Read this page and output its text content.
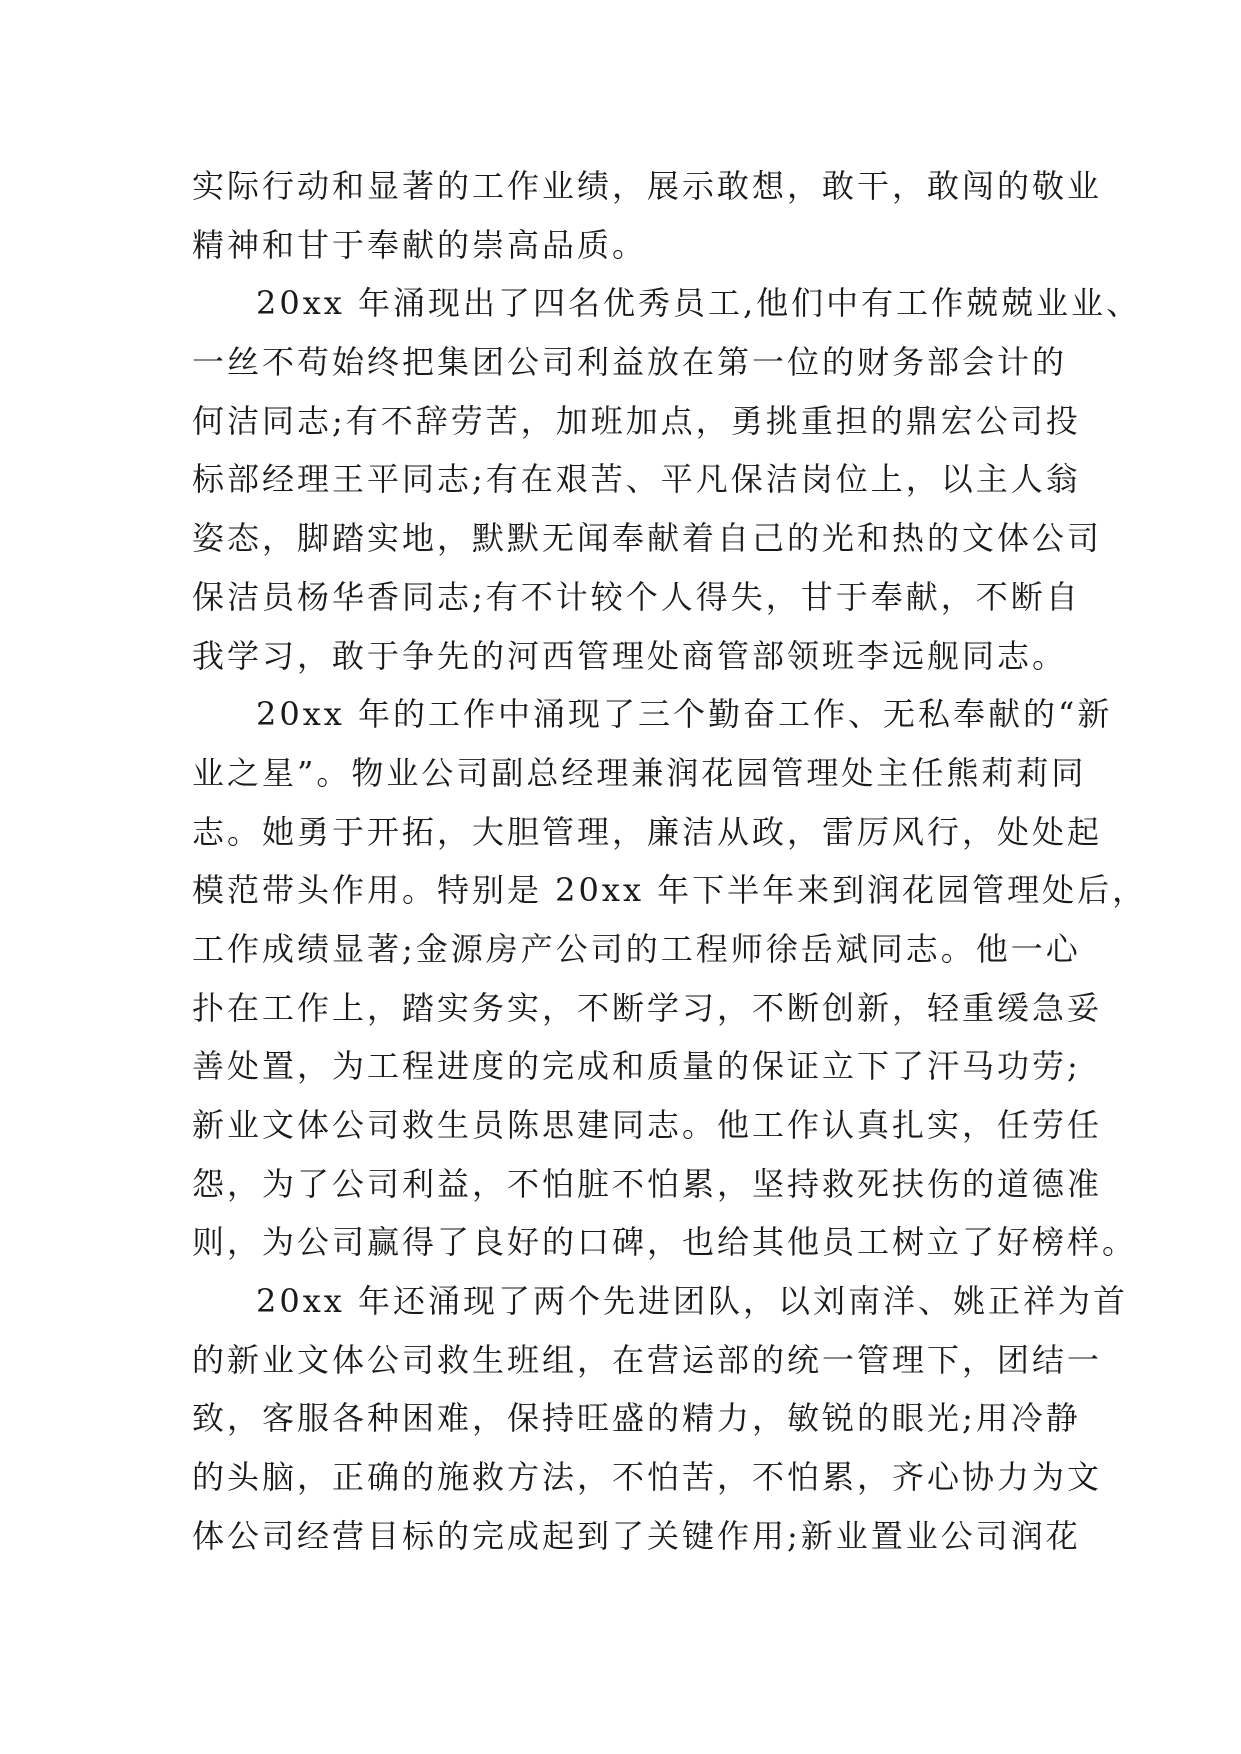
实际行动和显著的工作业绩，展示敢想，敢干，敢闯的敬业
精神和甘于奉献的崇高品质。
20xx 年涌现出了四名优秀员工,他们中有工作兢兢业业、
一丝不苟始终把集团公司利益放在第一位的财务部会计的
何洁同志;有不辞劳苦，加班加点，勇挑重担的鼎宏公司投
标部经理王平同志;有在艰苦、平凡保洁岗位上，以主人翁
姿态，脚踏实地，默默无闻奉献着自己的光和热的文体公司
保洁员杨华香同志;有不计较个人得失，甘于奉献，不断自
我学习，敢于争先的河西管理处商管部领班李远舰同志。
20xx 年的工作中涌现了三个勤奋工作、无私奉献的“新
业之星”。物业公司副总经理兼润花园管理处主任熊莉莉同
志。她勇于开拓，大胆管理，廉洁从政，雷厉风行，处处起
模范带头作用。特别是 20xx 年下半年来到润花园管理处后，
工作成绩显著;金源房产公司的工程师徐岳斌同志。他一心
扑在工作上，踏实务实，不断学习，不断创新，轻重缓急妥
善处置，为工程进度的完成和质量的保证立下了汗马功劳;
新业文体公司救生员陈思建同志。他工作认真扎实，任劳任
怨，为了公司利益，不怕脏不怕累，坚持救死扶伤的道德准
则，为公司赢得了良好的口碑，也给其他员工树立了好榜样。
20xx 年还涌现了两个先进团队，以刘南洋、姚正祥为首
的新业文体公司救生班组，在营运部的统一管理下，团结一
致，客服各种困难，保持旺盛的精力，敏锐的眼光;用冷静
的头脑，正确的施救方法，不怕苦，不怕累，齐心协力为文
体公司经营目标的完成起到了关键作用;新业置业公司润花
